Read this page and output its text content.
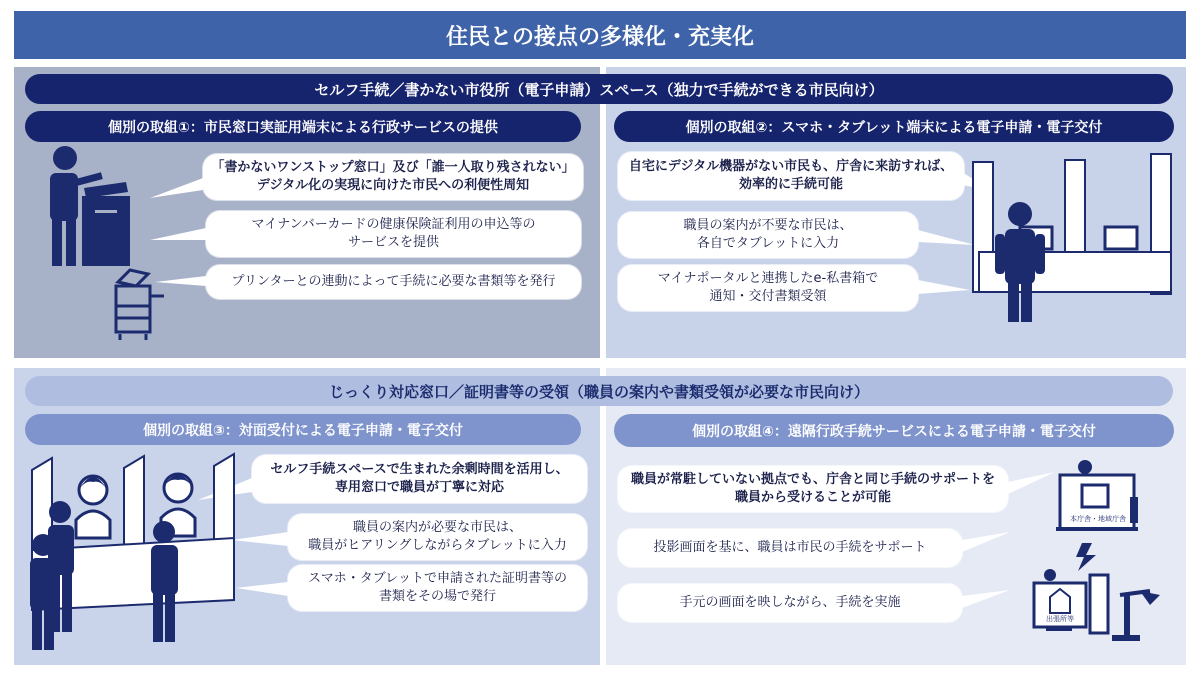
住民との接点の多様化・充実化
セルフ手続／書かない市役所（電子申請）スペース（独力で手続ができる市民向け）
じっくり対応窓口／証明書等の受領（職員の案内や書類受領が必要な市民向け）
個別の取組①：市民窓口実証用端末による行政サービスの提供	個別の取組②：スマホ・タブレット端末による電子申請・電子交付
個別の取組③：対面受付による電子申請・電子交付	個別の取組④：遠隔行政手続サービスによる電子申請・電子交付
「書かないワンストップ窓口」及び「誰一人取り残されない」
デジタル化の実現に向けた市民への利便性周知
マイナンバーカードの健康保険証利用の申込等の
サービスを提供
プリンターとの連動によって手続に必要な書類等を発行
自宅にデジタル機器がない市民も、庁舎に来訪すれば、
効率的に手続可能
職員の案内が不要な市民は、
各自でタブレットに入力
マイナポータルと連携したe-私書箱で
通知・交付書類受領
セルフ手続スペースで生まれた余剰時間を活用し、
専用窓口で職員が丁寧に対応
職員の案内が必要な市民は、
職員がヒアリングしながらタブレットに入力
スマホ・タブレットで申請された証明書等の
書類をその場で発行
職員が常駐していない拠点でも、庁舎と同じ手続のサポートを
職員から受けることが可能
投影画面を基に、職員は市民の手続をサポート
手元の画面を映しながら、手続を実施
本庁舎・地域庁舎
出張所等
